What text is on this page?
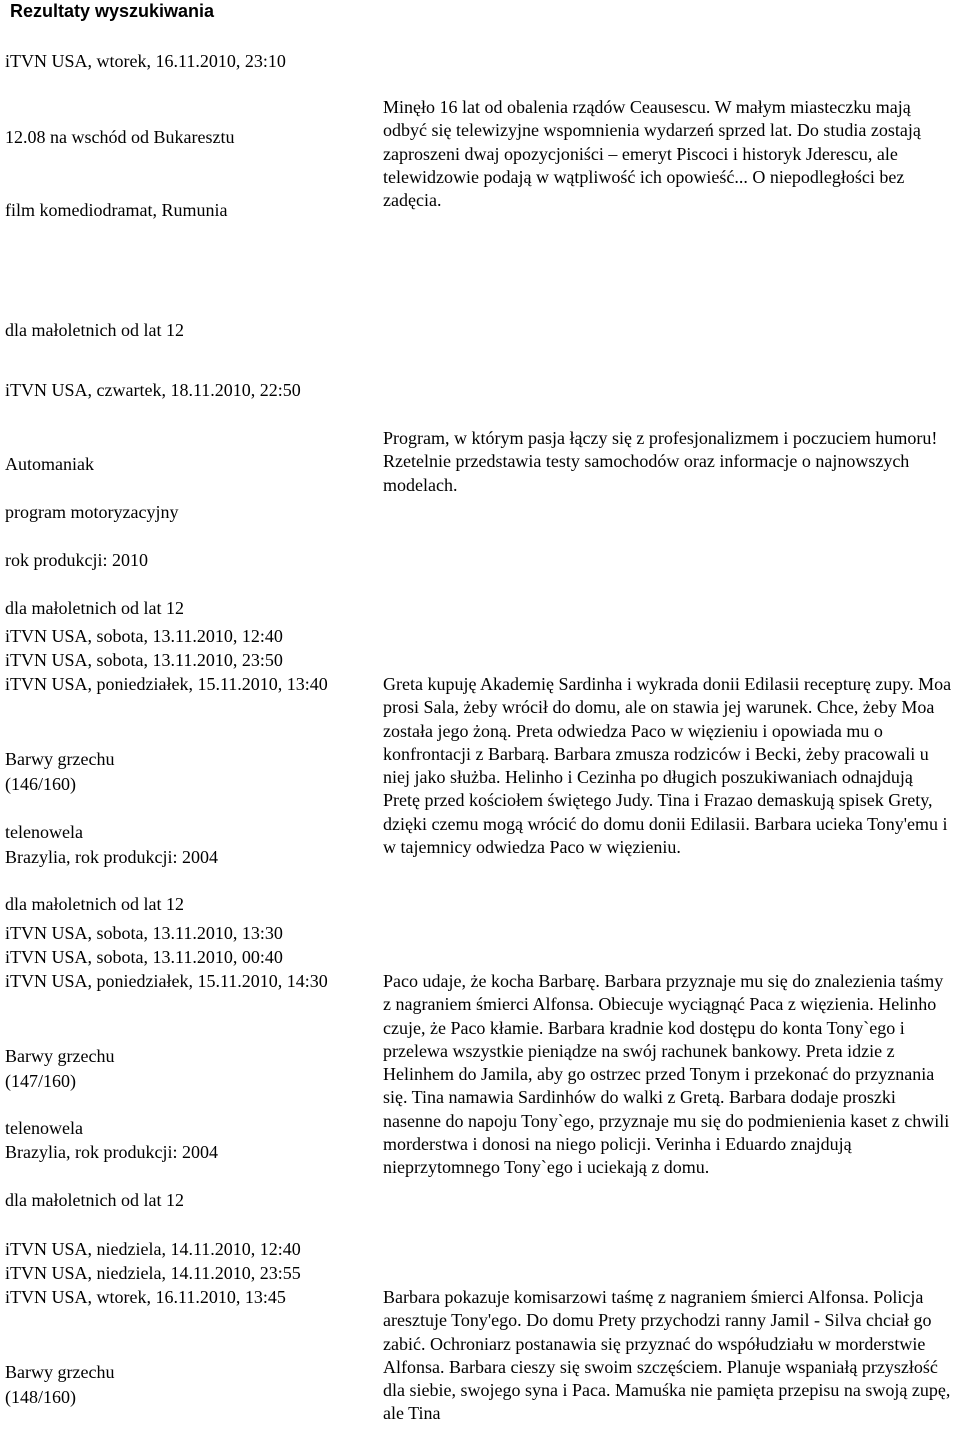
Rezultaty wyszukiwania
iTVN USA, wtorek, 16.11.2010, 23:10
12.08 na wschód od Bukaresztu
film komediodramat, Rumunia
Minęło 16 lat od obalenia rządów Ceausescu. W małym miasteczku mają odbyć się telewizyjne wspomnienia wydarzeń sprzed lat. Do studia zostają zaproszeni dwaj opozycjoniści – emeryt Piscoci i historyk Jderescu, ale telewidzowie podają w wątpliwość ich opowieść... O niepodległości bez zadęcia.
dla małoletnich od lat 12
iTVN USA, czwartek, 18.11.2010, 22:50
Automaniak
program motoryzacyjny
Program, w którym pasja łączy się z profesjonalizmem i poczuciem humoru! Rzetelnie przedstawia testy samochodów oraz informacje o najnowszych modelach.
rok produkcji: 2010
dla małoletnich od lat 12
iTVN USA, sobota, 13.11.2010, 12:40
iTVN USA, sobota, 13.11.2010, 23:50
iTVN USA, poniedziałek, 15.11.2010, 13:40
Barwy grzechu
(146/160)
telenowela
Brazylia, rok produkcji: 2004
Greta kupuję Akademię Sardinha i wykrada donii Edilasii recepturę zupy. Moa prosi Sala, żeby wrócił do domu, ale on stawia jej warunek. Chce, żeby Moa została jego żoną. Preta odwiedza Paco w więzieniu i opowiada mu o konfrontacji z Barbarą. Barbara zmusza rodziców i Becki, żeby pracowali u niej jako służba. Helinho i Cezinha po długich poszukiwaniach odnajdują Pretę przed kościołem świętego Judy. Tina i Frazao demaskują spisek Grety, dzięki czemu mogą wrócić do domu donii Edilasii. Barbara ucieka Tony'emu i w tajemnicy odwiedza Paco w więzieniu.
dla małoletnich od lat 12
iTVN USA, sobota, 13.11.2010, 13:30
iTVN USA, sobota, 13.11.2010, 00:40
iTVN USA, poniedziałek, 15.11.2010, 14:30
Barwy grzechu
(147/160)
telenowela
Brazylia, rok produkcji: 2004
Paco udaje, że kocha Barbarę. Barbara przyznaje mu się do znalezienia taśmy z nagraniem śmierci Alfonsa. Obiecuje wyciągnąć Paca z więzienia. Helinho czuje, że Paco kłamie. Barbara kradnie kod dostępu do konta Tony`ego i przelewa wszystkie pieniądze na swój rachunek bankowy. Preta idzie z Helinhem do Jamila, aby go ostrzec przed Tonym i przekonać do przyznania się. Tina namawia Sardinhów do walki z Gretą. Barbara dodaje proszki nasenne do napoju Tony`ego, przyznaje mu się do podmienienia kaset z chwili morderstwa i donosi na niego policji. Verinha i Eduardo znajdują nieprzytomnego Tony`ego i uciekają z domu.
dla małoletnich od lat 12
iTVN USA, niedziela, 14.11.2010, 12:40
iTVN USA, niedziela, 14.11.2010, 23:55
iTVN USA, wtorek, 16.11.2010, 13:45
Barwy grzechu
(148/160)
Barbara pokazuje komisarzowi taśmę z nagraniem śmierci Alfonsa. Policja aresztuje Tony'ego. Do domu Prety przychodzi ranny Jamil - Silva chciał go zabić. Ochroniarz postanawia się przyznać do współudziału w morderstwie Alfonsa. Barbara cieszy się swoim szczęściem. Planuje wspaniałą przyszłość dla siebie, swojego syna i Paca. Mamuśka nie pamięta przepisu na swoją zupę, ale Tina
